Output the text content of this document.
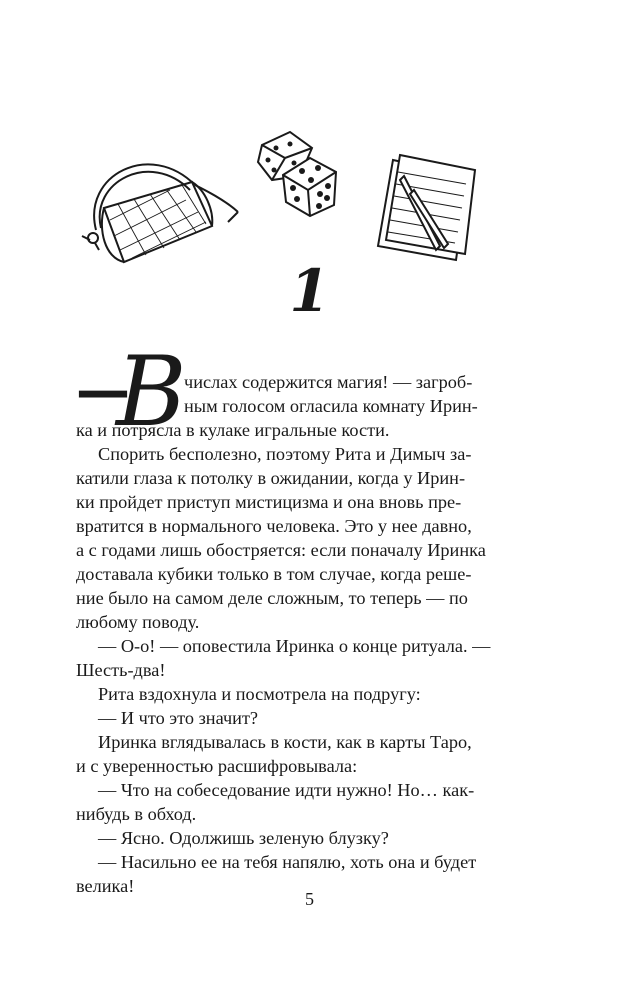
1
—
В
числах содержится магия! — загроб-
ным голосом огласила комнату Ирин-
ка и потрясла в кулаке игральные кости.
Спорить бесполезно, поэтому Рита и Димыч за-
катили глаза к потолку в ожидании, когда у Ирин-
ки пройдет приступ мистицизма и она вновь пре-
вратится в нормального человека. Это у нее давно,
а с годами лишь обостряется: если поначалу Иринка
доставала кубики только в том случае, когда реше-
ние было на самом деле сложным, то теперь — по
любому поводу.
— О-о! — оповестила Иринка о конце ритуала. —
Шесть-два!
Рита вздохнула и посмотрела на подругу:
— И что это значит?
Иринка вглядывалась в кости, как в карты Таро,
и с уверенностью расшифровывала:
— Что на собеседование идти нужно! Но… как-
нибудь в обход.
— Ясно. Одолжишь зеленую блузку?
— Насильно ее на тебя напялю, хоть она и будет
велика!
5
